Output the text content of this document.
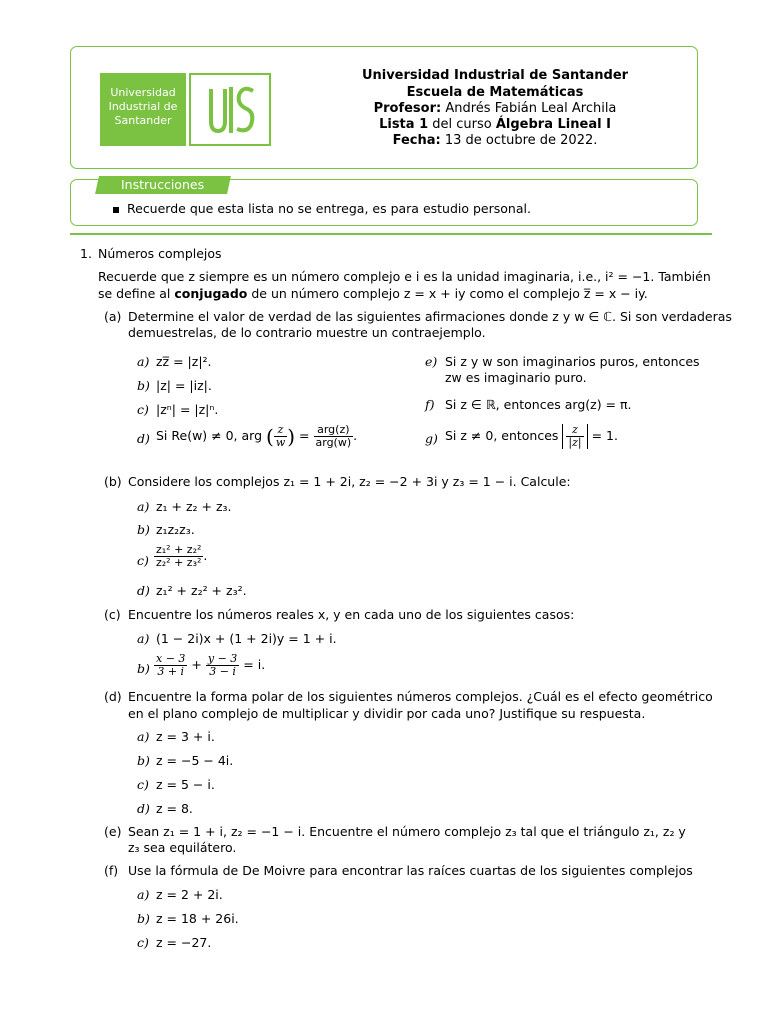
Universidad
Industrial de
Santander
Universidad Industrial de Santander
Escuela de Matemáticas
Profesor: Andrés Fabián Leal Archila
Lista 1 del curso Álgebra Lineal I
Fecha: 13 de octubre de 2022.
Instrucciones
Recuerde que esta lista no se entrega, es para estudio personal.
1. Números complejos
Recuerde que z siempre es un número complejo e i es la unidad imaginaria, i.e., i² = −1. También
se define al conjugado de un número complejo z = x + iy como el complejo z̅ = x − iy.
(a) Determine el valor de verdad de las siguientes afirmaciones donde z y w ∈ ℂ. Si son verdaderas
demuestrelas, de lo contrario muestre un contraejemplo.
a) zz̅ = |z|².
b) |z| = |iz|.
c) |zⁿ| = |z|ⁿ.
d) Si Re(w) ≠ 0, arg ( $\frac{z}{w}$ ) = $\frac{\text{arg(z)}}{\text{arg(w)}}$ .
e) Si z y w son imaginarios puros, entonces
zw es imaginario puro.
f) Si z ∈ ℝ, entonces arg(z) = π.
g) Si z ≠ 0, entonces $\frac{z}{|z|} = 1$.
(b) Considere los complejos z₁ = 1 + 2i, z₂ = −2 + 3i y z₃ = 1 − i. Calcule:
a) z₁ + z₂ + z₃.
b) z₁z₂z₃.
$c) \frac{\text{z₁² + z₂²}}{\text{z₂² + z₃²}}$ .
d) z₁² + z₂² + z₃².
(c) Encuentre los números reales x, y en cada uno de los siguientes casos:
a) (1 − 2i)x + (1 + 2i)y = 1 + i.
$b) \frac{x - 3}{3 + i} + \frac{y - 3}{3 - i} = i$.
(d) Encuentre la forma polar de los siguientes números complejos. ¿Cuál es el efecto geométrico
en el plano complejo de multiplicar y dividir por cada uno? Justifique su respuesta.
a) z = 3 + i.
b) z = −5 − 4i.
c) z = 5 − i.
d) z = 8.
(e) Sean z₁ = 1 + i, z₂ = −1 − i. Encuentre el número complejo z₃ tal que el triángulo z₁, z₂ y
z₃ sea equilátero.
(f) Use la fórmula de De Moivre para encontrar las raíces cuartas de los siguientes complejos
a) z = 2 + 2i.
b) z = 18 + 26i.
c) z = −27.
